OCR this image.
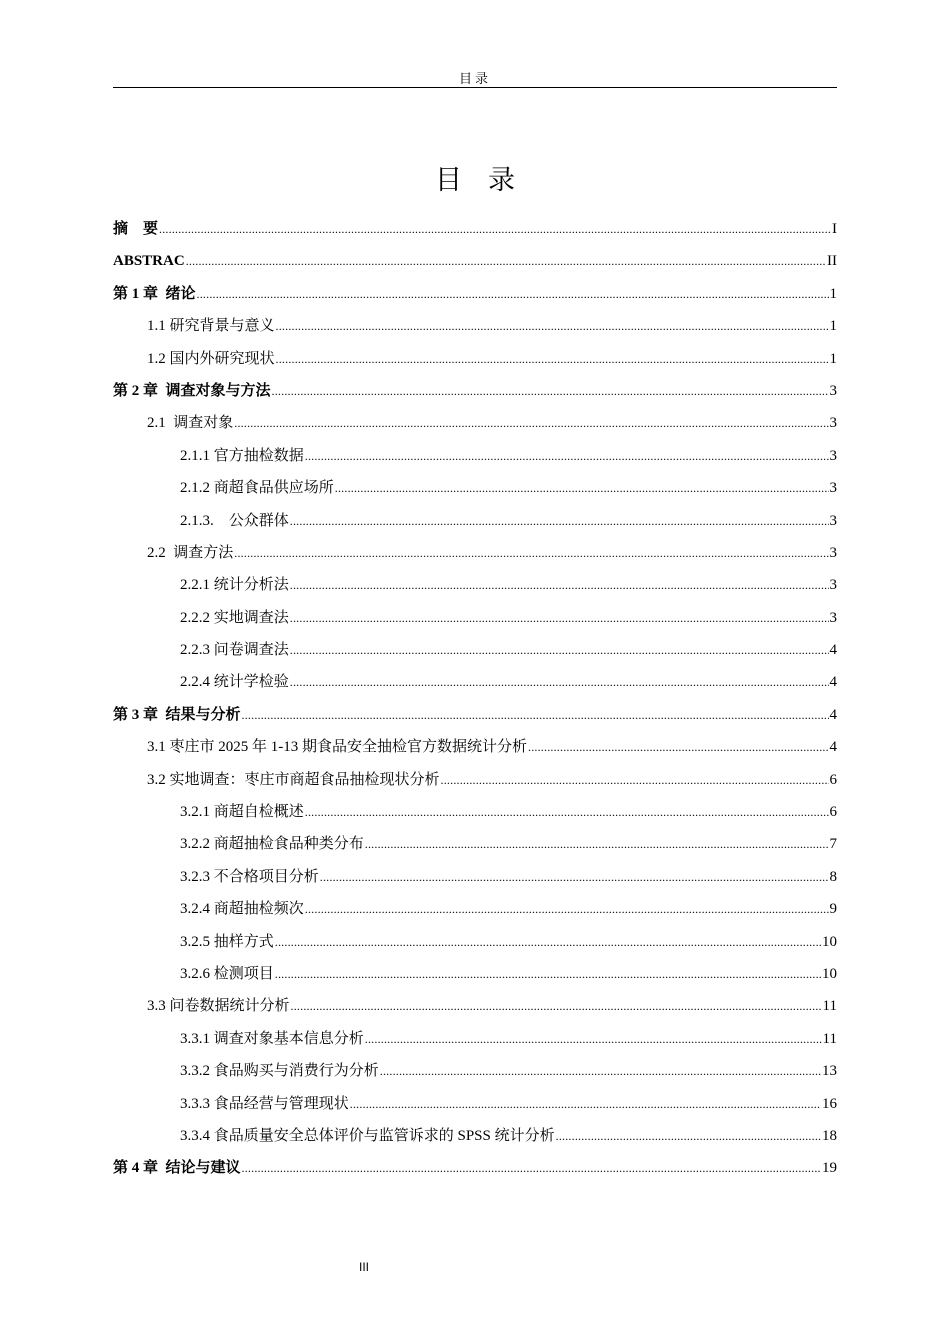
目录
目录
摘　要 .....	I
ABSTRAC .....	II
第 1 章  绪论 .....	1
1.1 研究背景与意义 .....	1
1.2 国内外研究现状 .....	1
第 2 章  调查对象与方法 .....	3
2.1  调查对象 .....	3
2.1.1 官方抽检数据 .....	3
2.1.2 商超食品供应场所 .....	3
2.1.3.    公众群体 .....	3
2.2  调查方法 .....	3
2.2.1 统计分析法 .....	3
2.2.2 实地调查法 .....	3
2.2.3 问卷调查法 .....	4
2.2.4 统计学检验 .....	4
第 3 章  结果与分析 .....	4
3.1 枣庄市 2025 年 1-13 期食品安全抽检官方数据统计分析 .....	4
3.2 实地调查：枣庄市商超食品抽检现状分析 .....	6
3.2.1 商超自检概述 .....	6
3.2.2 商超抽检食品种类分布 .....	7
3.2.3 不合格项目分析 .....	8
3.2.4 商超抽检频次 .....	9
3.2.5 抽样方式 .....	10
3.2.6 检测项目 .....	10
3.3 问卷数据统计分析 .....	11
3.3.1 调查对象基本信息分析 .....	11
3.3.2 食品购买与消费行为分析 .....	13
3.3.3 食品经营与管理现状 .....	16
3.3.4 食品质量安全总体评价与监管诉求的 SPSS 统计分析 .....	18
第 4 章  结论与建议 .....	19
III
